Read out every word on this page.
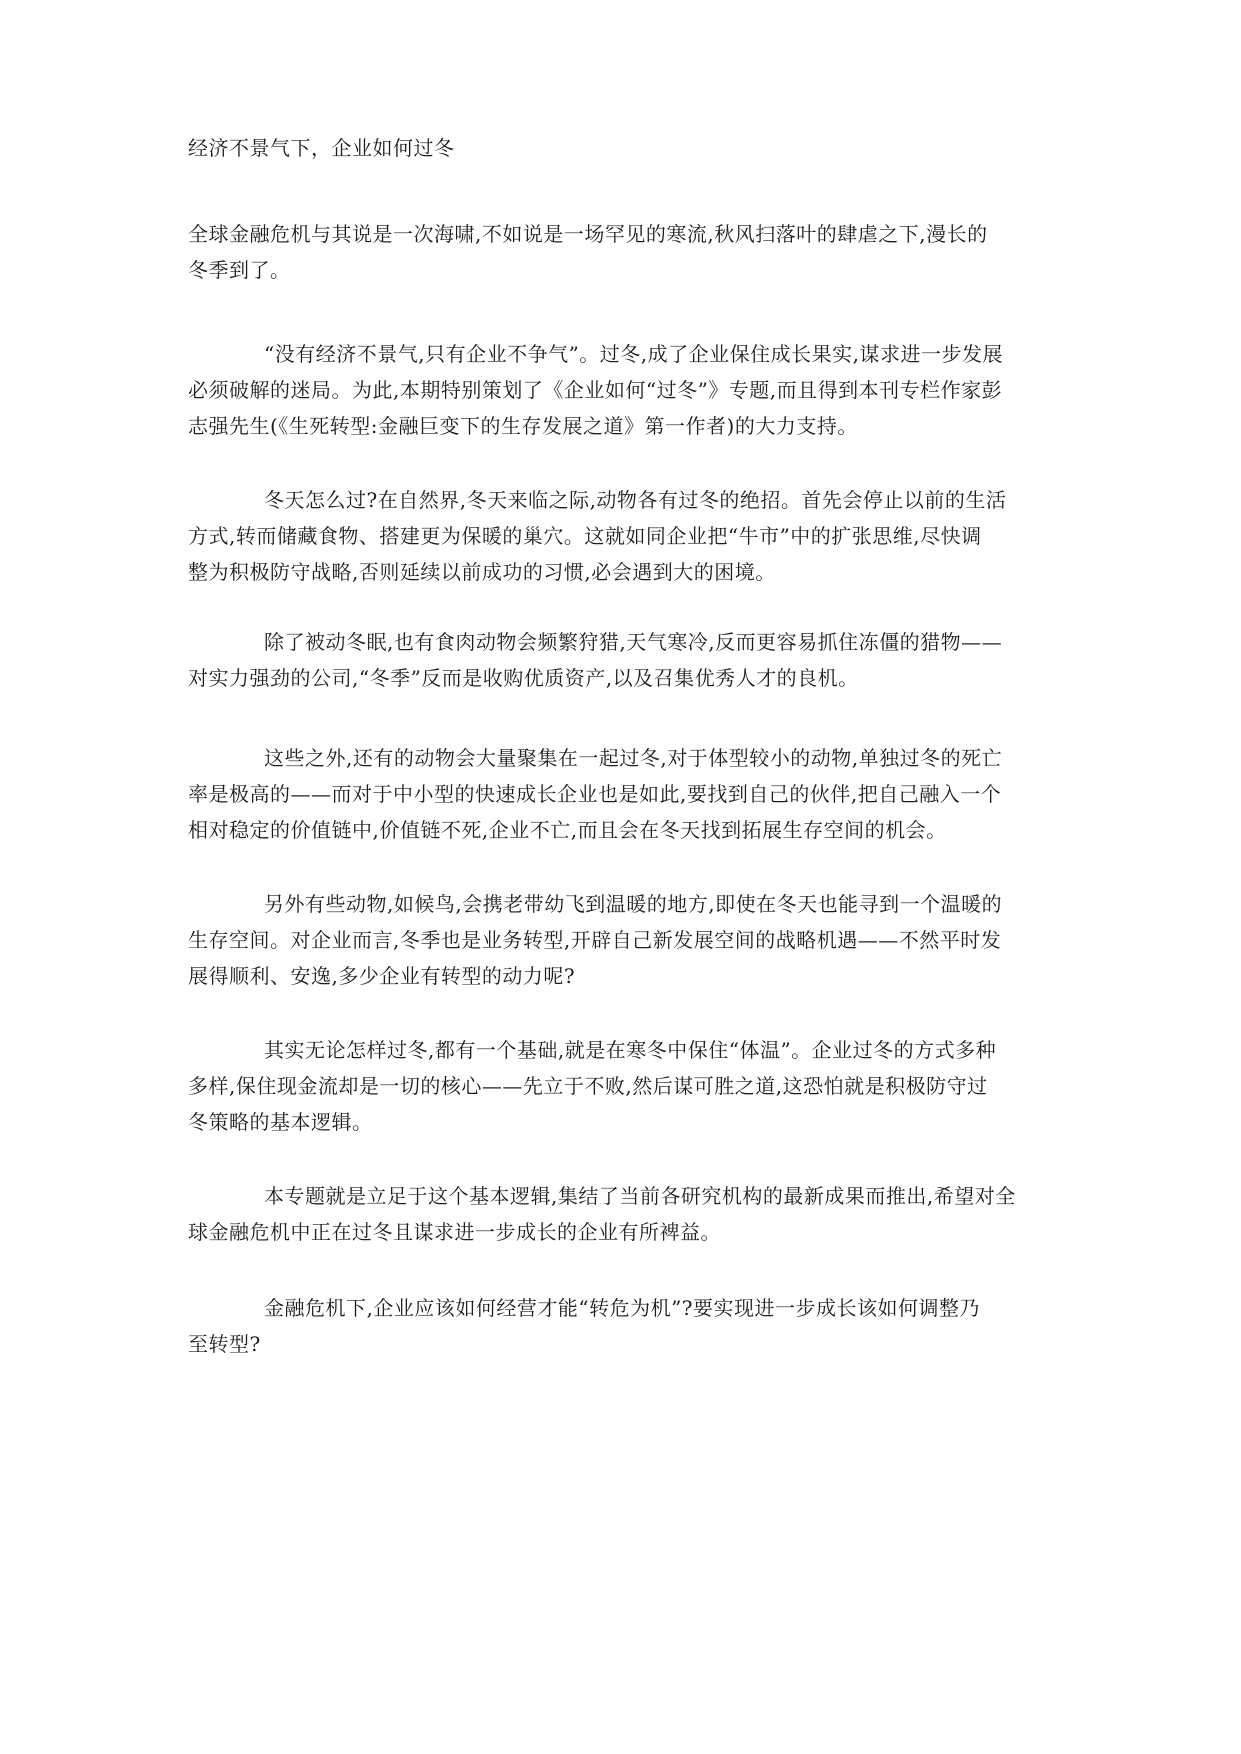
经济不景气下，企业如何过冬

全球金融危机与其说是一次海啸,不如说是一场罕见的寒流,秋风扫落叶的肆虐之下,漫长的
冬季到了。

“没有经济不景气,只有企业不争气”。过冬,成了企业保住成长果实,谋求进一步发展
必须破解的迷局。为此,本期特别策划了《企业如何“过冬”》专题,而且得到本刊专栏作家彭
志强先生(《生死转型:金融巨变下的生存发展之道》第一作者)的大力支持。

冬天怎么过?在自然界,冬天来临之际,动物各有过冬的绝招。首先会停止以前的生活
方式,转而储藏食物、搭建更为保暖的巢穴。这就如同企业把“牛市”中的扩张思维,尽快调
整为积极防守战略,否则延续以前成功的习惯,必会遇到大的困境。

除了被动冬眠,也有食肉动物会频繁狩猎,天气寒冷,反而更容易抓住冻僵的猎物——
对实力强劲的公司,“冬季”反而是收购优质资产,以及召集优秀人才的良机。

这些之外,还有的动物会大量聚集在一起过冬,对于体型较小的动物,单独过冬的死亡
率是极高的——而对于中小型的快速成长企业也是如此,要找到自己的伙伴,把自己融入一个
相对稳定的价值链中,价值链不死,企业不亡,而且会在冬天找到拓展生存空间的机会。

另外有些动物,如候鸟,会携老带幼飞到温暖的地方,即使在冬天也能寻到一个温暖的
生存空间。对企业而言,冬季也是业务转型,开辟自己新发展空间的战略机遇——不然平时发
展得顺利、安逸,多少企业有转型的动力呢?

其实无论怎样过冬,都有一个基础,就是在寒冬中保住“体温”。企业过冬的方式多种
多样,保住现金流却是一切的核心——先立于不败,然后谋可胜之道,这恐怕就是积极防守过
冬策略的基本逻辑。

本专题就是立足于这个基本逻辑,集结了当前各研究机构的最新成果而推出,希望对全
球金融危机中正在过冬且谋求进一步成长的企业有所裨益。

金融危机下,企业应该如何经营才能“转危为机”?要实现进一步成长该如何调整乃
至转型?
